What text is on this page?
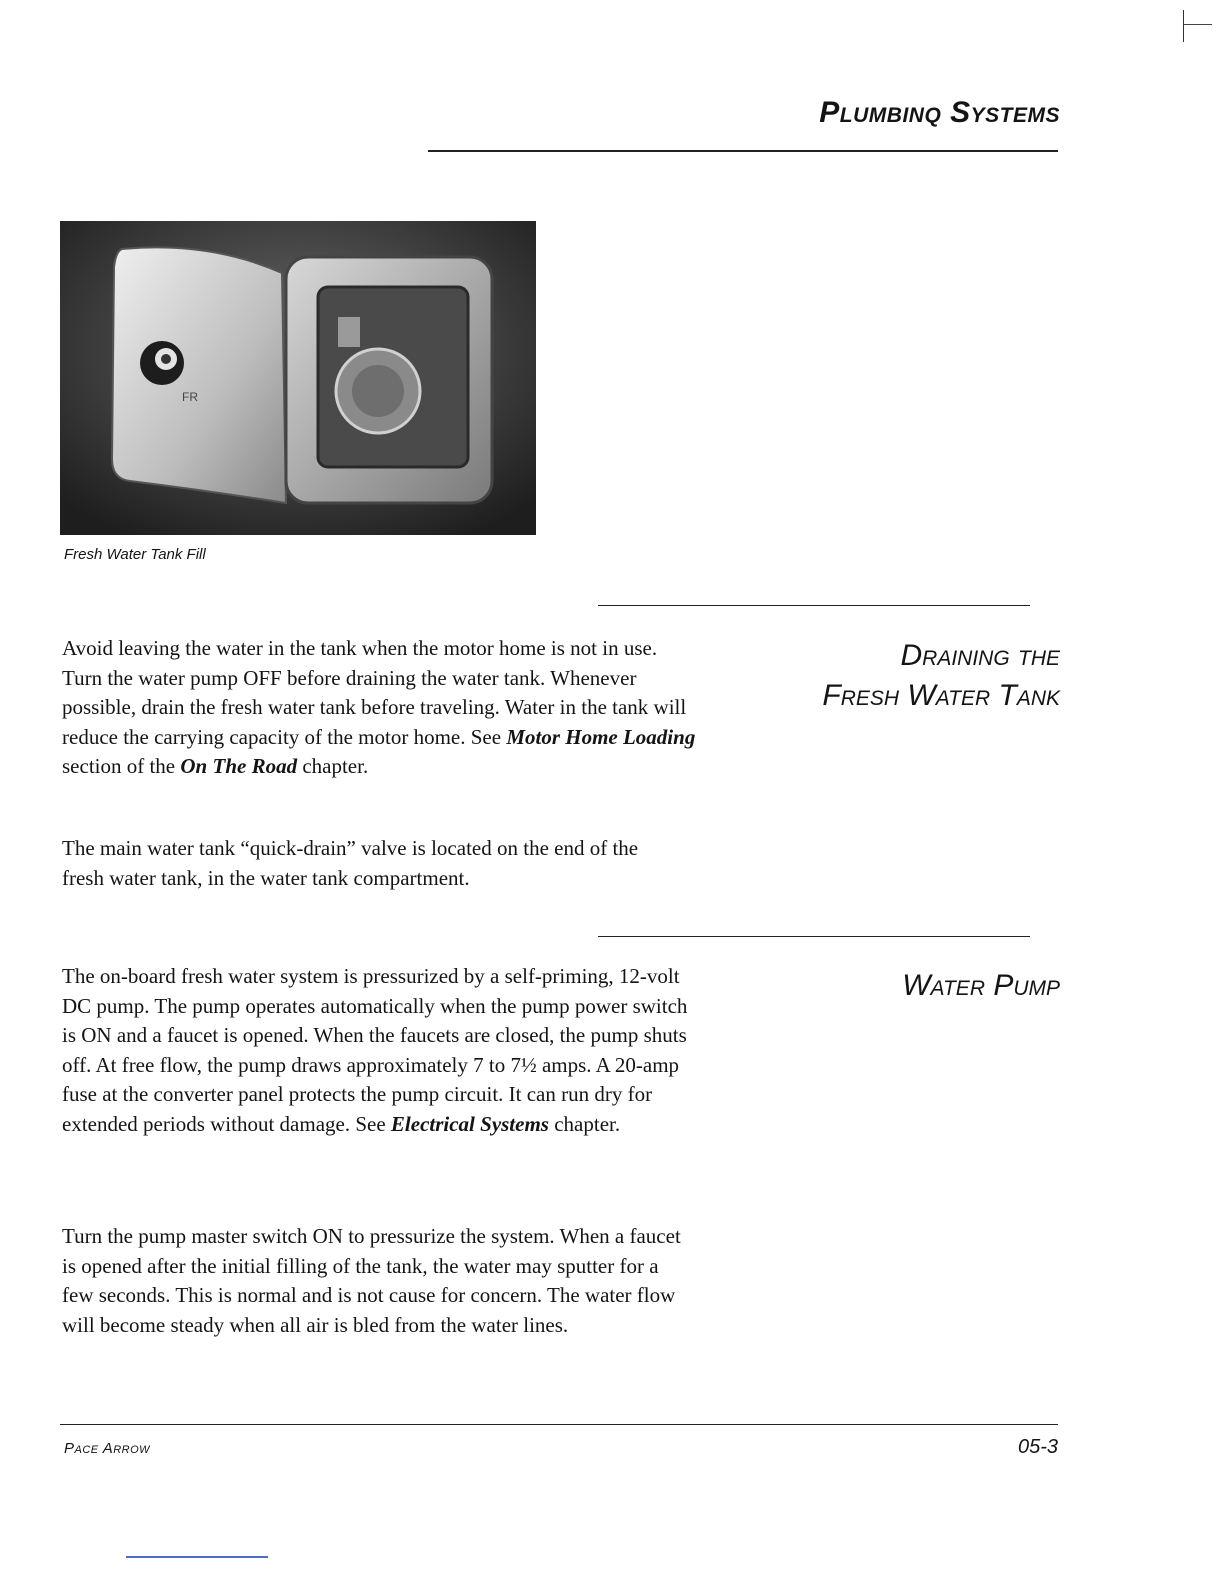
Plumbinq Systems
FR
Fresh Water Tank Fill
Draining the
Fresh Water Tank
Avoid leaving the water in the tank when the motor home is not in use. Turn the water pump OFF before draining the water tank. Whenever possible, drain the fresh water tank before traveling. Water in the tank will reduce the carrying capacity of the motor home. See Motor Home Loading section of the On The Road chapter.
The main water tank “quick-drain” valve is located on the end of the fresh water tank, in the water tank compartment.
Water Pump
The on-board fresh water system is pressurized by a self-priming, 12-volt DC pump. The pump operates automatically when the pump power switch is ON and a faucet is opened. When the faucets are closed, the pump shuts off. At free flow, the pump draws approximately 7 to 7½ amps. A 20-amp fuse at the converter panel protects the pump circuit. It can run dry for extended periods without damage. See Electrical Systems chapter.
Turn the pump master switch ON to pressurize the system. When a faucet is opened after the initial filling of the tank, the water may sputter for a few seconds. This is normal and is not cause for concern. The water flow will become steady when all air is bled from the water lines.
Pace Arrow	05-3
